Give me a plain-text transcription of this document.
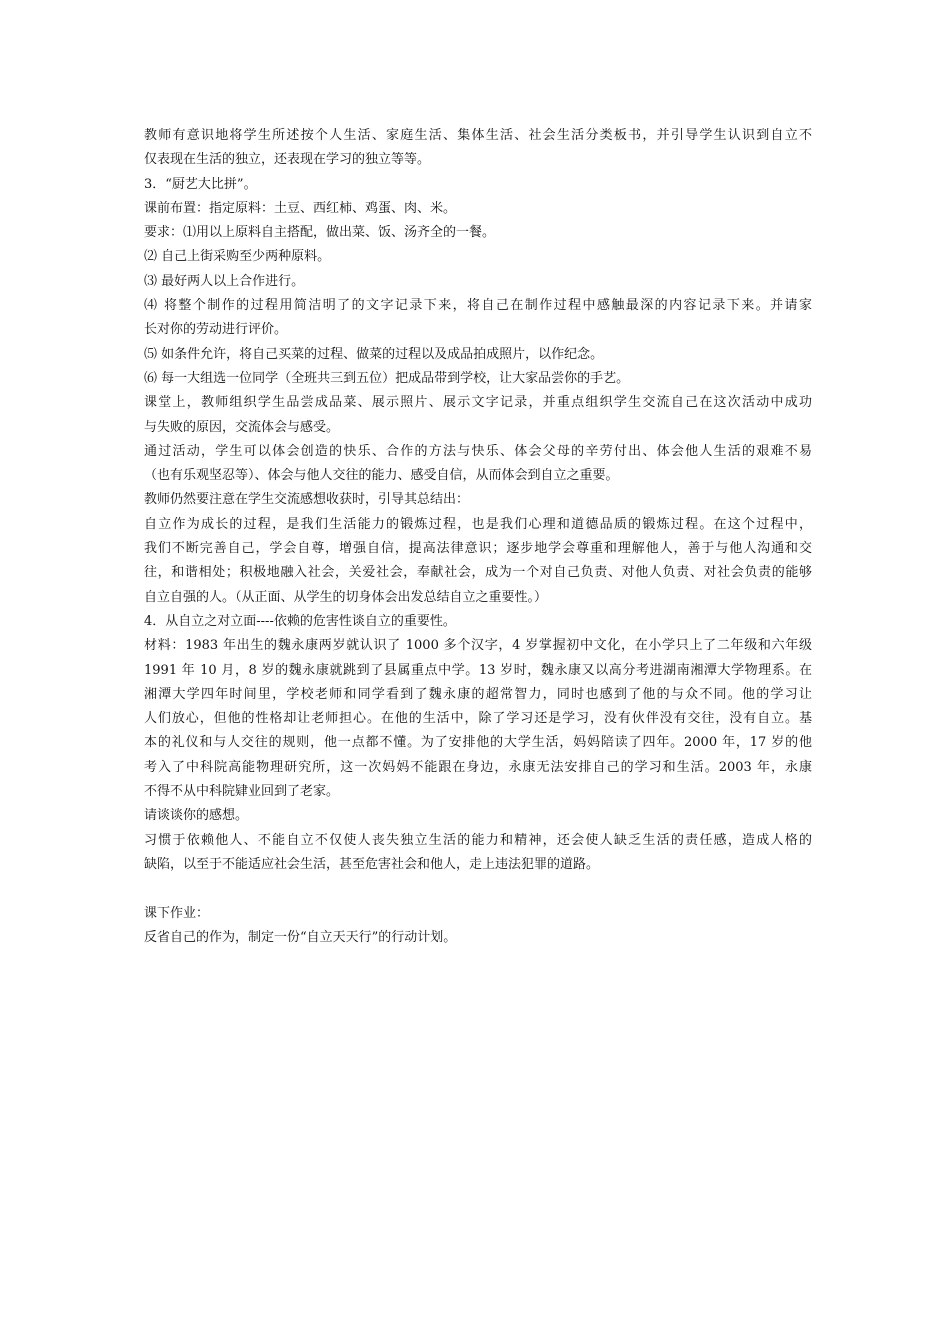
教师有意识地将学生所述按个人生活、家庭生活、集体生活、社会生活分类板书，并引导学生认识到自立不
仅表现在生活的独立，还表现在学习的独立等等。
3．“厨艺大比拼”。
课前布置：指定原料：土豆、西红柿、鸡蛋、肉、米。
要求：⑴用以上原料自主搭配，做出菜、饭、汤齐全的一餐。
⑵ 自己上街采购至少两种原料。
⑶ 最好两人以上合作进行。
⑷ 将整个制作的过程用简洁明了的文字记录下来，将自己在制作过程中感触最深的内容记录下来。并请家
长对你的劳动进行评价。
⑸ 如条件允许，将自己买菜的过程、做菜的过程以及成品拍成照片，以作纪念。
⑹ 每一大组选一位同学（全班共三到五位）把成品带到学校，让大家品尝你的手艺。
课堂上，教师组织学生品尝成品菜、展示照片、展示文字记录，并重点组织学生交流自己在这次活动中成功
与失败的原因，交流体会与感受。
通过活动，学生可以体会创造的快乐、合作的方法与快乐、体会父母的辛劳付出、体会他人生活的艰难不易
（也有乐观坚忍等）、体会与他人交往的能力、感受自信，从而体会到自立之重要。
教师仍然要注意在学生交流感想收获时，引导其总结出：
自立作为成长的过程，是我们生活能力的锻炼过程，也是我们心理和道德品质的锻炼过程。在这个过程中，
我们不断完善自己，学会自尊，增强自信，提高法律意识；逐步地学会尊重和理解他人，善于与他人沟通和交
往，和谐相处；积极地融入社会，关爱社会，奉献社会，成为一个对自己负责、对他人负责、对社会负责的能够
自立自强的人。（从正面、从学生的切身体会出发总结自立之重要性。）
4．从自立之对立面----依赖的危害性谈自立的重要性。
材料：1983 年出生的魏永康两岁就认识了 1000 多个汉字，4 岁掌握初中文化，在小学只上了二年级和六年级
1991 年 10 月，8 岁的魏永康就跳到了县属重点中学。13 岁时，魏永康又以高分考进湖南湘潭大学物理系。在
湘潭大学四年时间里，学校老师和同学看到了魏永康的超常智力，同时也感到了他的与众不同。他的学习让
人们放心，但他的性格却让老师担心。在他的生活中，除了学习还是学习，没有伙伴没有交往，没有自立。基
本的礼仪和与人交往的规则，他一点都不懂。为了安排他的大学生活，妈妈陪读了四年。2000 年，17 岁的他
考入了中科院高能物理研究所，这一次妈妈不能跟在身边，永康无法安排自己的学习和生活。2003 年，永康
不得不从中科院肄业回到了老家。
请谈谈你的感想。
习惯于依赖他人、不能自立不仅使人丧失独立生活的能力和精神，还会使人缺乏生活的责任感，造成人格的
缺陷，以至于不能适应社会生活，甚至危害社会和他人，走上违法犯罪的道路。
课下作业：
反省自己的作为，制定一份“自立天天行”的行动计划。
